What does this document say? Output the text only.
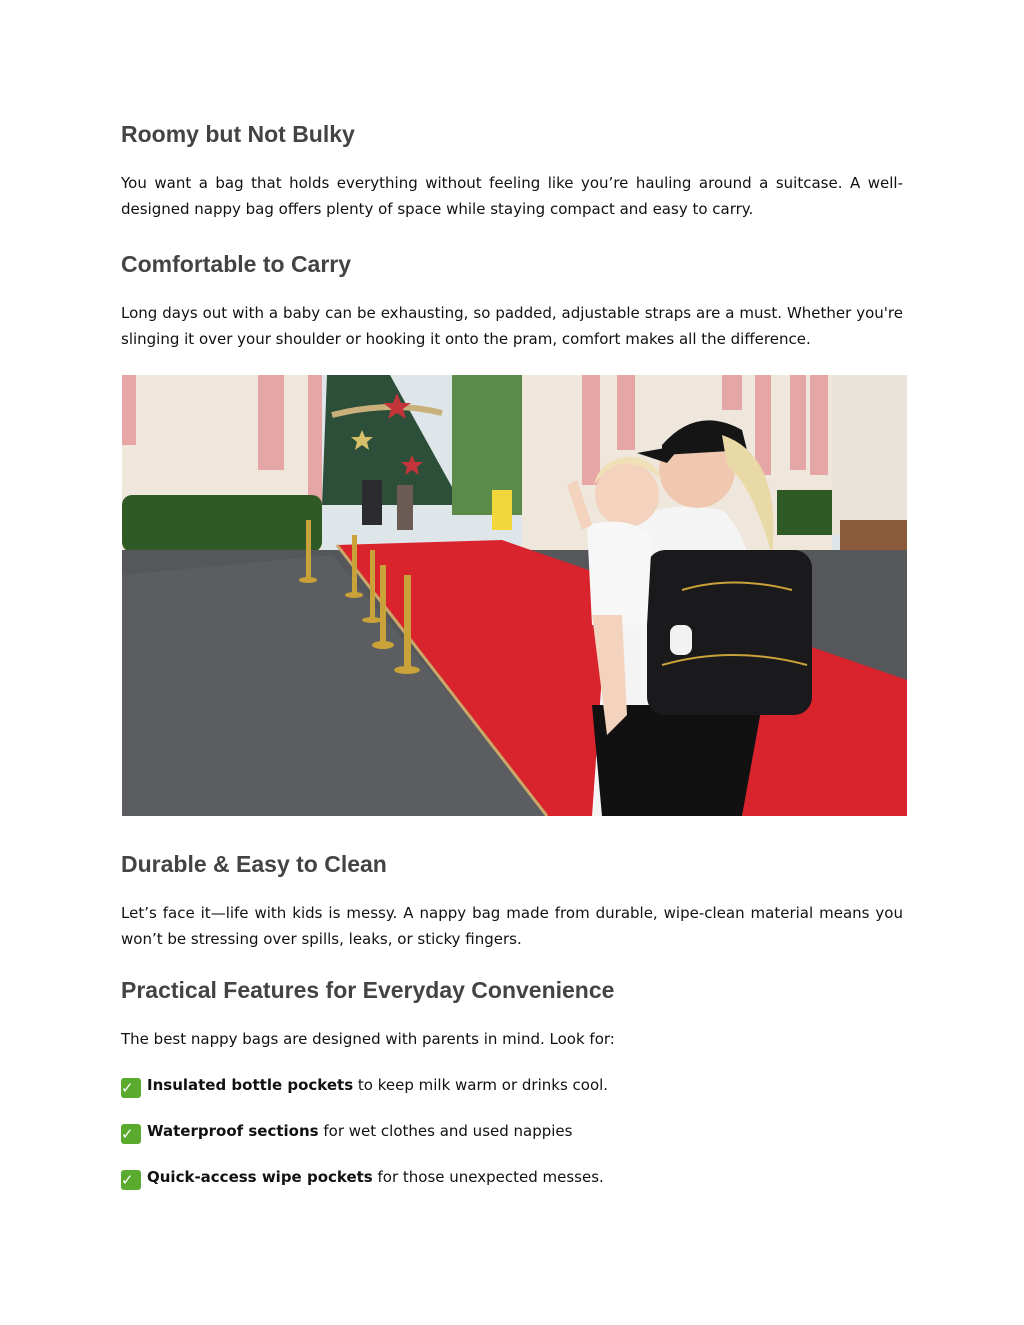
Roomy but Not Bulky

You want a bag that holds everything without feeling like you’re hauling around a suitcase. A well-designed nappy bag offers plenty of space while staying compact and easy to carry.

Comfortable to Carry

Long days out with a baby can be exhausting, so padded, adjustable straps are a must. Whether you're slinging it over your shoulder or hooking it onto the pram, comfort makes all the difference.

Durable & Easy to Clean

Let’s face it—life with kids is messy. A nappy bag made from durable, wipe-clean material means you won’t be stressing over spills, leaks, or sticky fingers.

Practical Features for Everyday Convenience

The best nappy bags are designed with parents in mind. Look for:

✓ Insulated bottle pockets to keep milk warm or drinks cool.

✓ Waterproof sections for wet clothes and used nappies

✓ Quick-access wipe pockets for those unexpected messes.
